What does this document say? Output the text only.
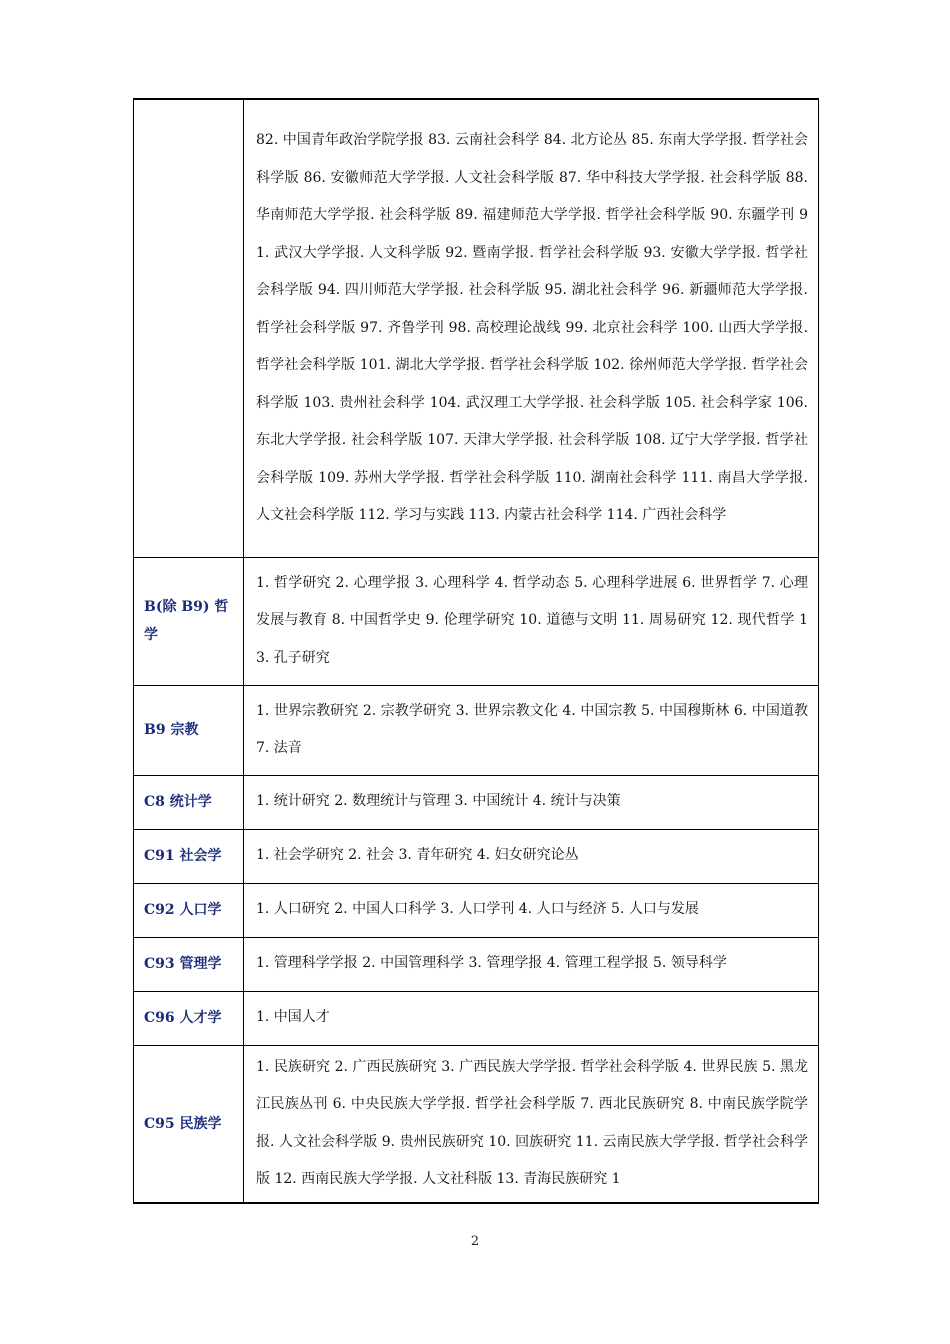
	82. 中国青年政治学院学报 83. 云南社会科学 84. 北方论丛 85. 东南大学学报. 哲学社会科学版 86. 安徽师范大学学报. 人文社会科学版 87. 华中科技大学学报. 社会科学版 88. 华南师范大学学报. 社会科学版 89. 福建师范大学学报. 哲学社会科学版 90. 东疆学刊 91. 武汉大学学报. 人文科学版 92. 暨南学报. 哲学社会科学版 93. 安徽大学学报. 哲学社会科学版 94. 四川师范大学学报. 社会科学版 95. 湖北社会科学 96. 新疆师范大学学报. 哲学社会科学版 97. 齐鲁学刊 98. 高校理论战线 99. 北京社会科学 100. 山西大学学报. 哲学社会科学版 101. 湖北大学学报. 哲学社会科学版 102. 徐州师范大学学报. 哲学社会科学版 103. 贵州社会科学 104. 武汉理工大学学报. 社会科学版 105. 社会科学家 106. 东北大学学报. 社会科学版 107. 天津大学学报. 社会科学版 108. 辽宁大学学报. 哲学社会科学版 109. 苏州大学学报. 哲学社会科学版 110. 湖南社会科学 111. 南昌大学学报. 人文社会科学版 112. 学习与实践 113. 内蒙古社会科学 114. 广西社会科学
B(除 B9) 哲学	1. 哲学研究 2. 心理学报 3. 心理科学 4. 哲学动态 5. 心理科学进展 6. 世界哲学 7. 心理发展与教育 8. 中国哲学史 9. 伦理学研究 10. 道德与文明 11. 周易研究 12. 现代哲学 13. 孔子研究
B9 宗教	1. 世界宗教研究 2. 宗教学研究 3. 世界宗教文化 4. 中国宗教 5. 中国穆斯林 6. 中国道教 7. 法音
C8 统计学	1. 统计研究 2. 数理统计与管理 3. 中国统计 4. 统计与决策
C91 社会学	1. 社会学研究 2. 社会 3. 青年研究 4. 妇女研究论丛
C92 人口学	1. 人口研究 2. 中国人口科学 3. 人口学刊 4. 人口与经济 5. 人口与发展
C93 管理学	1. 管理科学学报 2. 中国管理科学 3. 管理学报 4. 管理工程学报 5. 领导科学
C96 人才学	1. 中国人才
C95 民族学	1. 民族研究 2. 广西民族研究 3. 广西民族大学学报. 哲学社会科学版 4. 世界民族 5. 黑龙江民族丛刊 6. 中央民族大学学报. 哲学社会科学版 7. 西北民族研究 8. 中南民族学院学报. 人文社会科学版 9. 贵州民族研究 10. 回族研究 11. 云南民族大学学报. 哲学社会科学版 12. 西南民族大学学报. 人文社科版 13. 青海民族研究 1
2
